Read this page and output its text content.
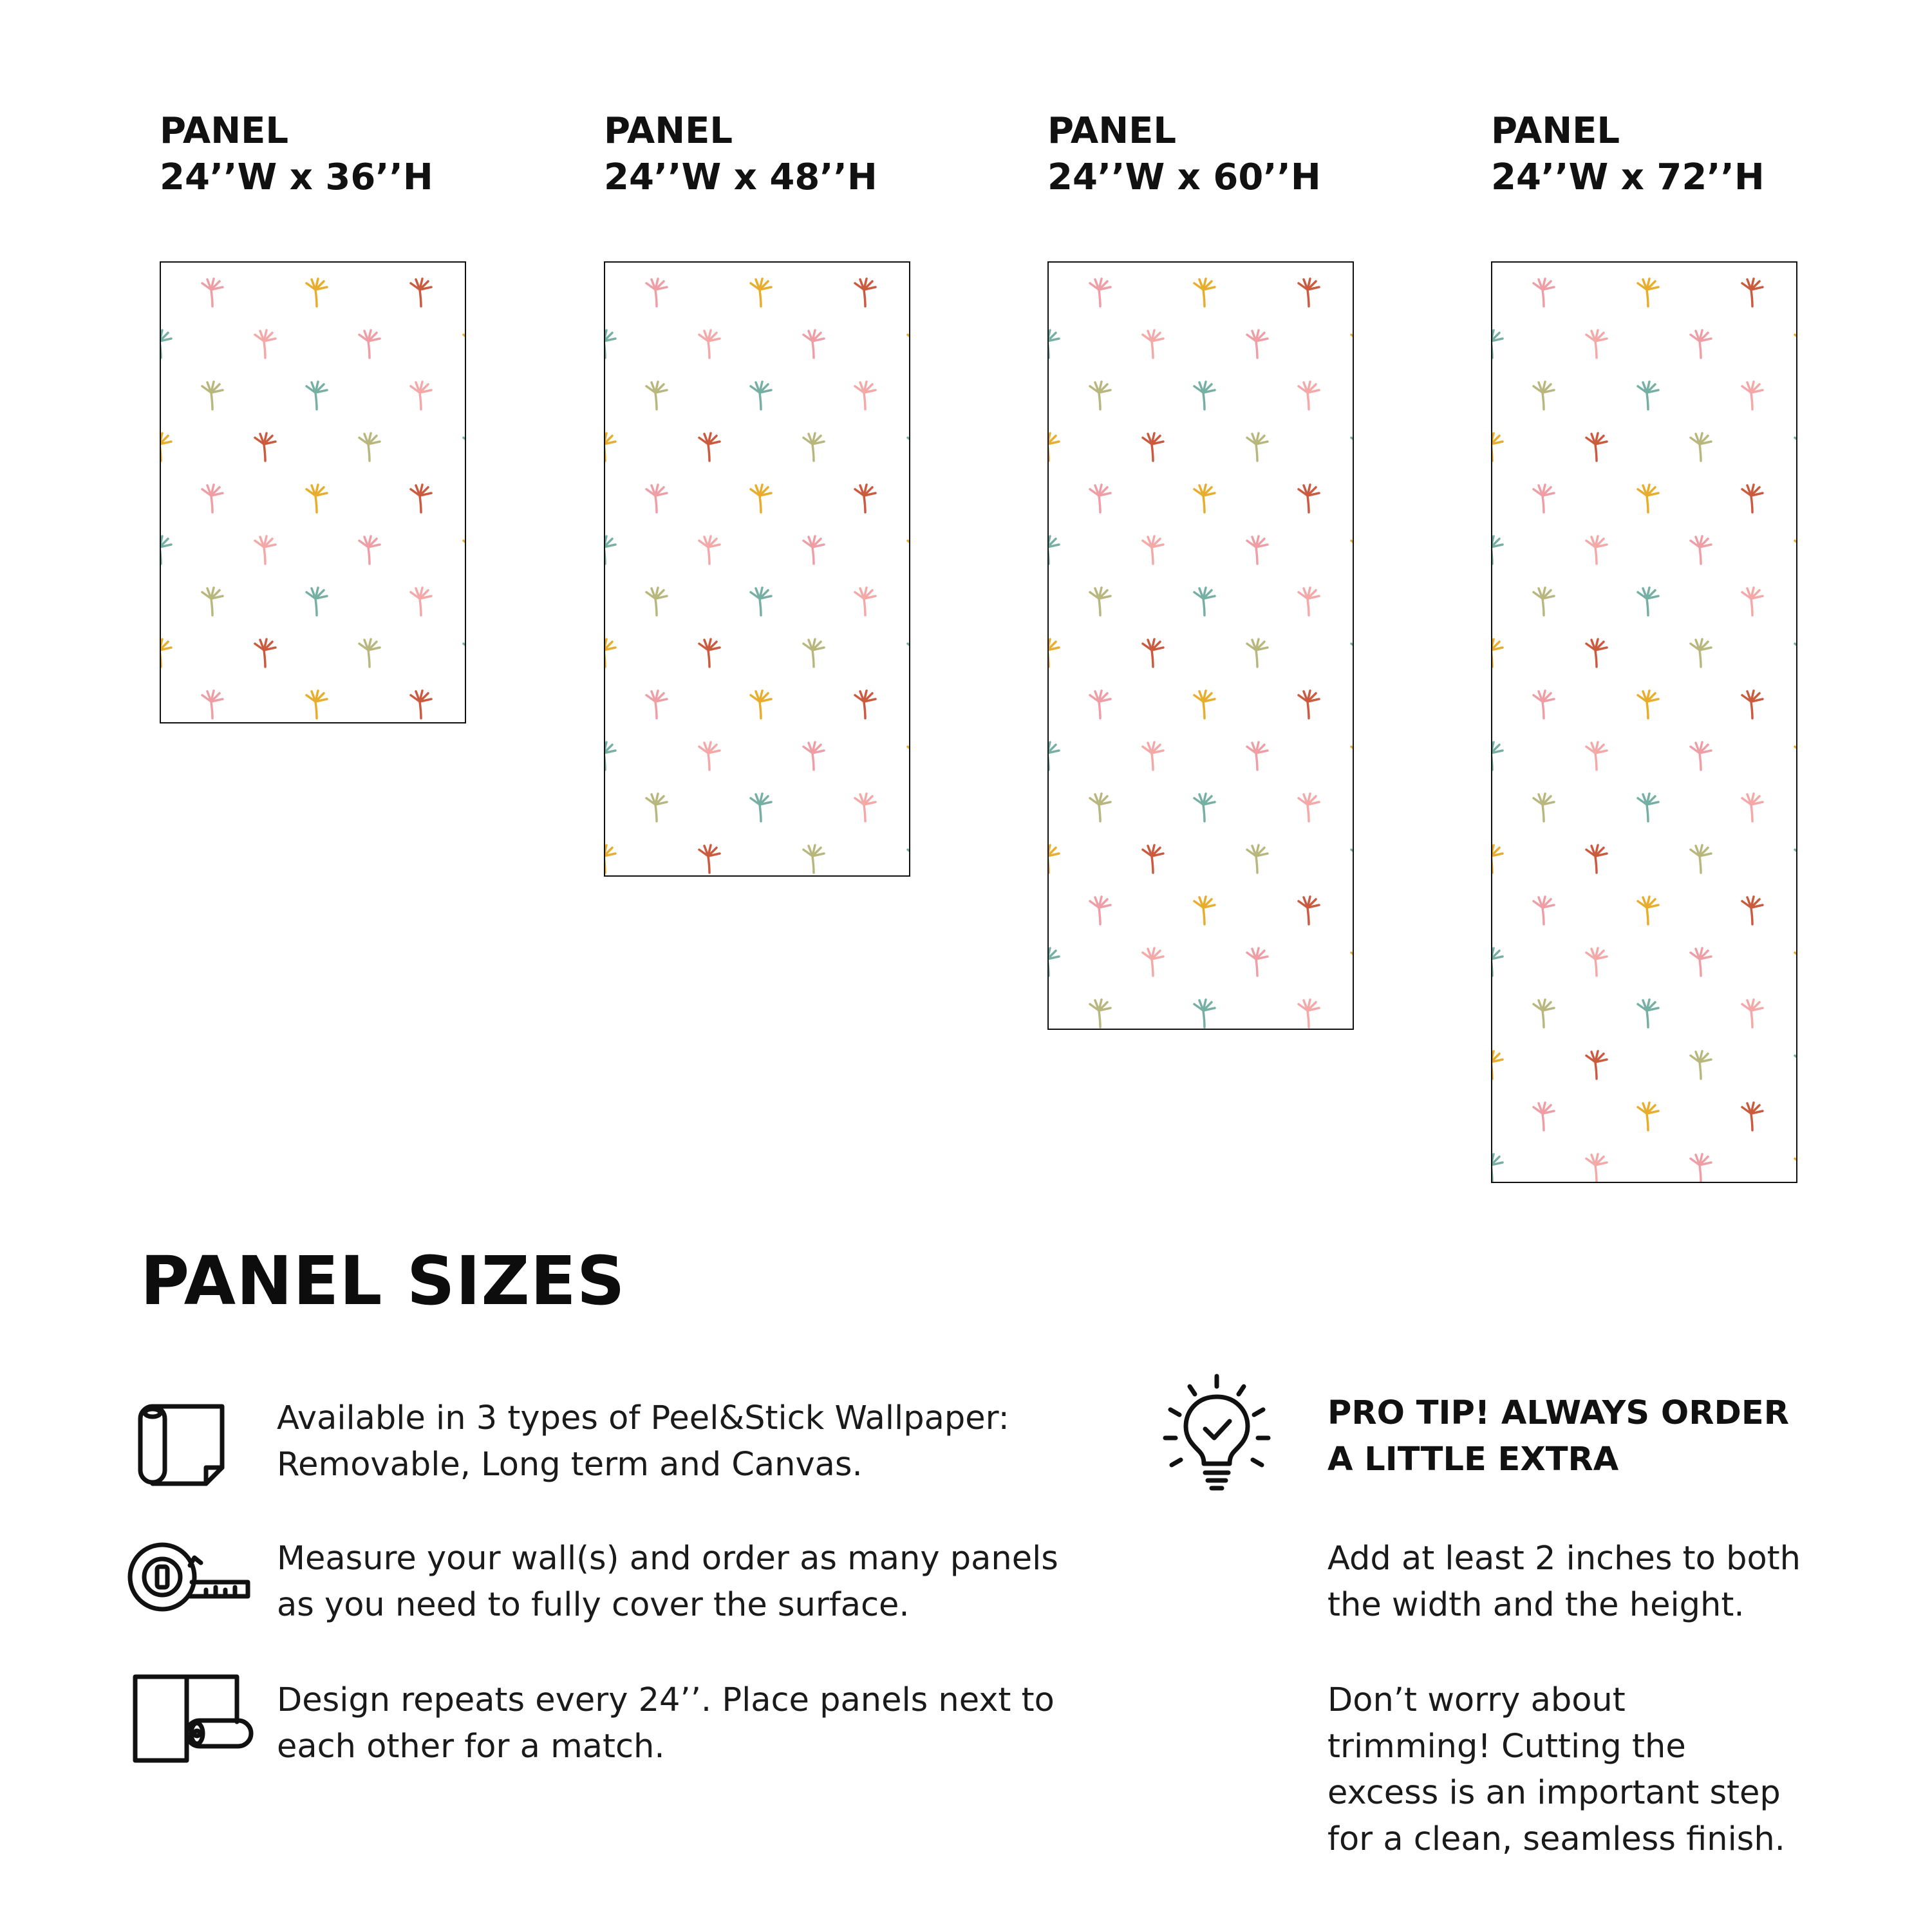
PANEL
24’’W x 36’’H
PANEL
24’’W x 48’’H
PANEL
24’’W x 60’’H
PANEL
24’’W x 72’’H
PANEL SIZES
Available in 3 types of Peel&Stick Wallpaper:
Removable, Long term and Canvas.
Measure your wall(s) and order as many panels
as you need to fully cover the surface.
Design repeats every 24’’. Place panels next to
each other for a match.
PRO TIP! ALWAYS ORDER
A LITTLE EXTRA
Add at least 2 inches to both
the width and the height.
Don’t worry about
trimming! Cutting the
excess is an important step
for a clean, seamless finish.
